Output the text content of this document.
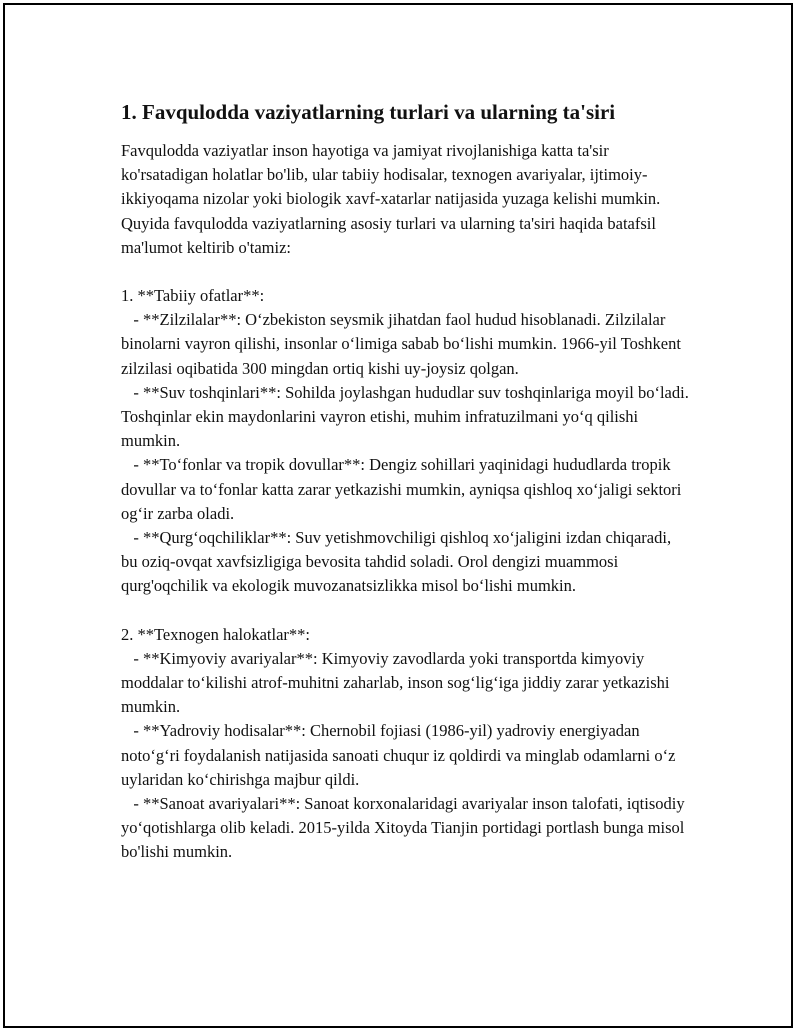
1. Favqulodda vaziyatlarning turlari va ularning ta'siri

Favqulodda vaziyatlar inson hayotiga va jamiyat rivojlanishiga katta ta'sir ko'rsatadigan holatlar bo'lib, ular tabiiy hodisalar, texnogen avariyalar, ijtimoiy-ikkiyoqama nizolar yoki biologik xavf-xatarlar natijasida yuzaga kelishi mumkin. Quyida favqulodda vaziyatlarning asosiy turlari va ularning ta'siri haqida batafsil ma'lumot keltirib o'tamiz:

1. **Tabiiy ofatlar**:

- **Zilzilalar**: O‘zbekiston seysmik jihatdan faol hudud hisoblanadi. Zilzilalar binolarni vayron qilishi, insonlar o‘limiga sabab bo‘lishi mumkin. 1966-yil Toshkent zilzilasi oqibatida 300 mingdan ortiq kishi uy-joysiz qolgan.

- **Suv toshqinlari**: Sohilda joylashgan hududlar suv toshqinlariga moyil bo‘ladi. Toshqinlar ekin maydonlarini vayron etishi, muhim infratuzilmani yo‘q qilishi mumkin.

- **To‘fonlar va tropik dovullar**: Dengiz sohillari yaqinidagi hududlarda tropik dovullar va to‘fonlar katta zarar yetkazishi mumkin, ayniqsa qishloq xo‘jaligi sektori og‘ir zarba oladi.

- **Qurg‘oqchiliklar**: Suv yetishmovchiligi qishloq xo‘jaligini izdan chiqaradi, bu oziq-ovqat xavfsizligiga bevosita tahdid soladi. Orol dengizi muammosi qurg'oqchilik va ekologik muvozanatsizlikka misol bo‘lishi mumkin.

2. **Texnogen halokatlar**:

- **Kimyoviy avariyalar**: Kimyoviy zavodlarda yoki transportda kimyoviy moddalar to‘kilishi atrof-muhitni zaharlab, inson sog‘lig‘iga jiddiy zarar yetkazishi mumkin.

- **Yadroviy hodisalar**: Chernobil fojiasi (1986-yil) yadroviy energiyadan noto‘g‘ri foydalanish natijasida sanoati chuqur iz qoldirdi va minglab odamlarni o‘z uylaridan ko‘chirishga majbur qildi.

- **Sanoat avariyalari**: Sanoat korxonalaridagi avariyalar inson talofati, iqtisodiy yo‘qotishlarga olib keladi. 2015-yilda Xitoyda Tianjin portidagi portlash bunga misol bo'lishi mumkin.
